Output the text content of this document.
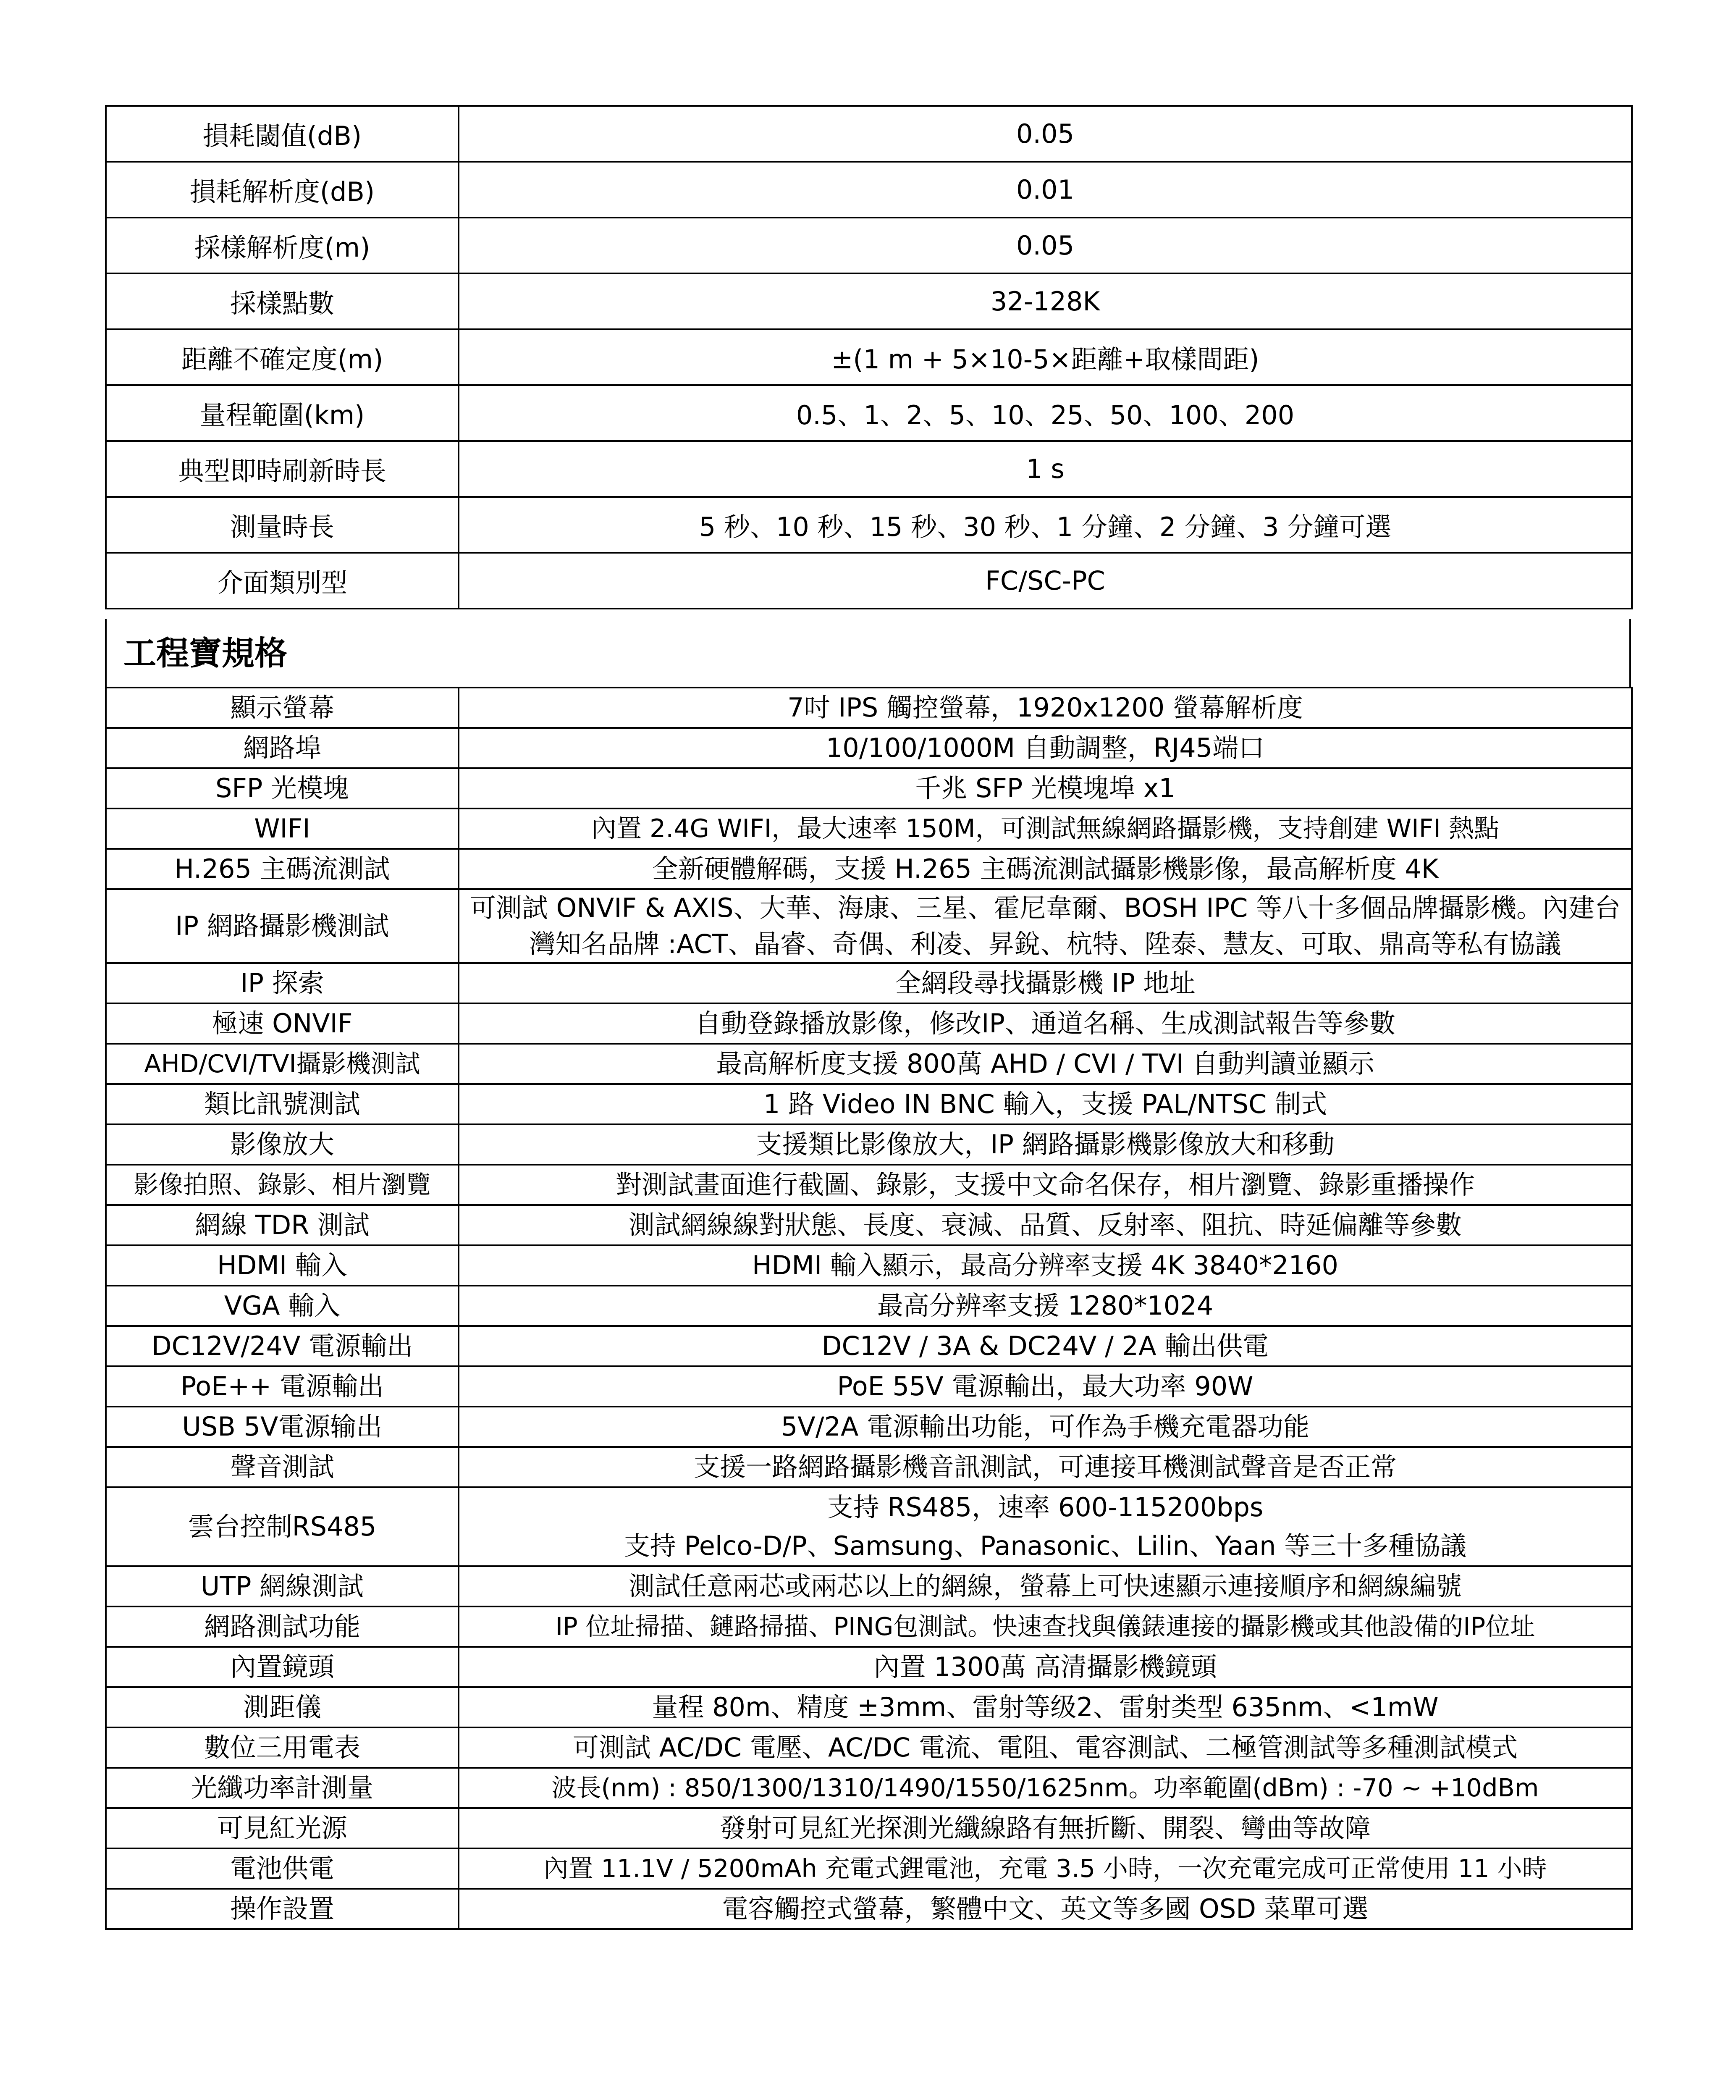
損耗閾值(dB)	0.05
損耗解析度(dB)	0.01
採樣解析度(m)	0.05
採樣點數	32-128K
距離不確定度(m)	±(1 m + 5×10-5×距離+取樣間距)
量程範圍(km)	0.5、1、2、5、10、25、50、100、200
典型即時刷新時長	1 s
測量時長	5 秒、10 秒、15 秒、30 秒、1 分鐘、2 分鐘、3 分鐘可選
介面類別型	FC/SC-PC
工程寶規格
顯示螢幕	7吋 IPS 觸控螢幕，1920x1200 螢幕解析度
網路埠	10/100/1000M 自動調整，RJ45端口
SFP 光模塊	千兆 SFP 光模塊埠 x1
WIFI	內置 2.4G WIFI，最大速率 150M，可測試無線網路攝影機，支持創建 WIFI 熱點
H.265 主碼流測試	全新硬體解碼，支援 H.265 主碼流測試攝影機影像，最高解析度 4K
IP 網路攝影機測試	可測試 ONVIF & AXIS、大華、海康、三星、霍尼韋爾、BOSH IPC 等八十多個品牌攝影機。內建台灣知名品牌 :ACT、晶睿、奇偶、利凌、昇銳、杭特、陞泰、慧友、可取、鼎高等私有協議
IP 探索	全網段尋找攝影機 IP 地址
極速 ONVIF	自動登錄播放影像，修改IP、通道名稱、生成測試報告等參數
AHD/CVI/TVI攝影機測試	最高解析度支援 800萬 AHD / CVI / TVI 自動判讀並顯示
類比訊號測試	1 路 Video IN BNC 輸入，支援 PAL/NTSC 制式
影像放大	支援類比影像放大，IP 網路攝影機影像放大和移動
影像拍照、錄影、相片瀏覽	對測試畫面進行截圖、錄影，支援中文命名保存，相片瀏覽、錄影重播操作
網線 TDR 測試	測試網線線對狀態、長度、衰減、品質、反射率、阻抗、時延偏離等參數
HDMI 輸入	HDMI 輸入顯示，最高分辨率支援 4K 3840*2160
VGA 輸入	最高分辨率支援 1280*1024
DC12V/24V 電源輸出	DC12V / 3A & DC24V / 2A 輸出供電
PoE++ 電源輸出	PoE 55V 電源輸出，最大功率 90W
USB 5V電源输出	5V/2A 電源輸出功能，可作為手機充電器功能
聲音測試	支援一路網路攝影機音訊測試，可連接耳機測試聲音是否正常
雲台控制RS485	支持 RS485，速率 600-115200bps
支持 Pelco-D/P、Samsung、Panasonic、Lilin、Yaan 等三十多種協議

UTP 網線測試	測試任意兩芯或兩芯以上的網線，螢幕上可快速顯示連接順序和網線編號
網路測試功能	IP 位址掃描、鏈路掃描、PING包測試。快速查找與儀錶連接的攝影機或其他設備的IP位址
內置鏡頭	內置 1300萬 高清攝影機鏡頭
測距儀	量程 80m、精度 ±3mm、雷射等级2、雷射类型 635nm、<1mW
數位三用電表	可測試 AC/DC 電壓、AC/DC 電流、電阻、電容測試、二極管測試等多種測試模式
光纖功率計測量	波長(nm) : 850/1300/1310/1490/1550/1625nm。功率範圍(dBm) : -70 ~ +10dBm
可見紅光源	發射可見紅光探測光纖線路有無折斷、開裂、彎曲等故障
電池供電	內置 11.1V / 5200mAh 充電式鋰電池，充電 3.5 小時，一次充電完成可正常使用 11 小時
操作設置	電容觸控式螢幕，繁體中文、英文等多國 OSD 菜單可選
